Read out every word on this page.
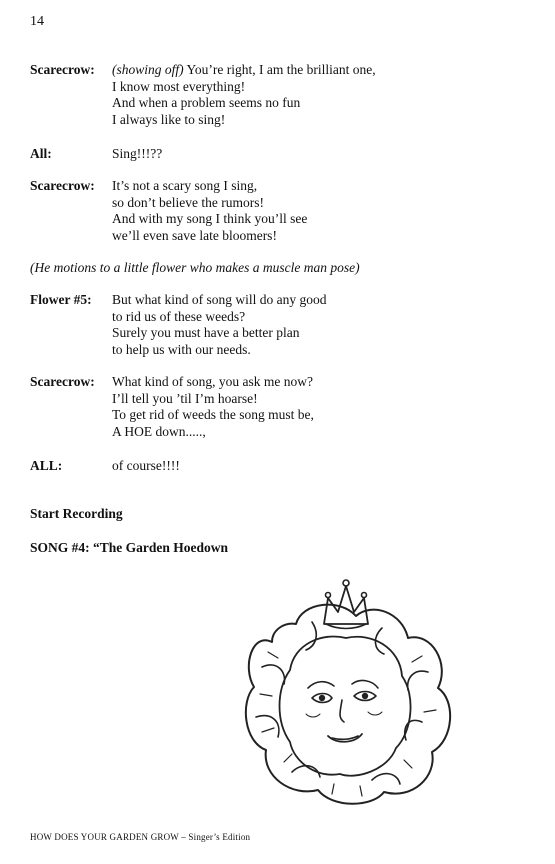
14
Scarecrow: (showing off) You’re right, I am the brilliant one,
I know most everything!
And when a problem seems no fun
I always like to sing!
All:	Sing!!!??
Scarecrow: It’s not a scary song I sing,
so don’t believe the rumors!
And with my song I think you’ll see
we’ll even save late bloomers!
(He motions to a little flower who makes a muscle man pose)
Flower #5: But what kind of song will do any good
to rid us of these weeds?
Surely you must have a better plan
to help us with our needs.
Scarecrow: What kind of song, you ask me now?
I’ll tell you ’til I’m hoarse!
To get rid of weeds the song must be,
A HOE down.....,
ALL:	of course!!!!
Start Recording
SONG #4: “The Garden Hoedown
HOW DOES YOUR GARDEN GROW – Singer’s Edition
